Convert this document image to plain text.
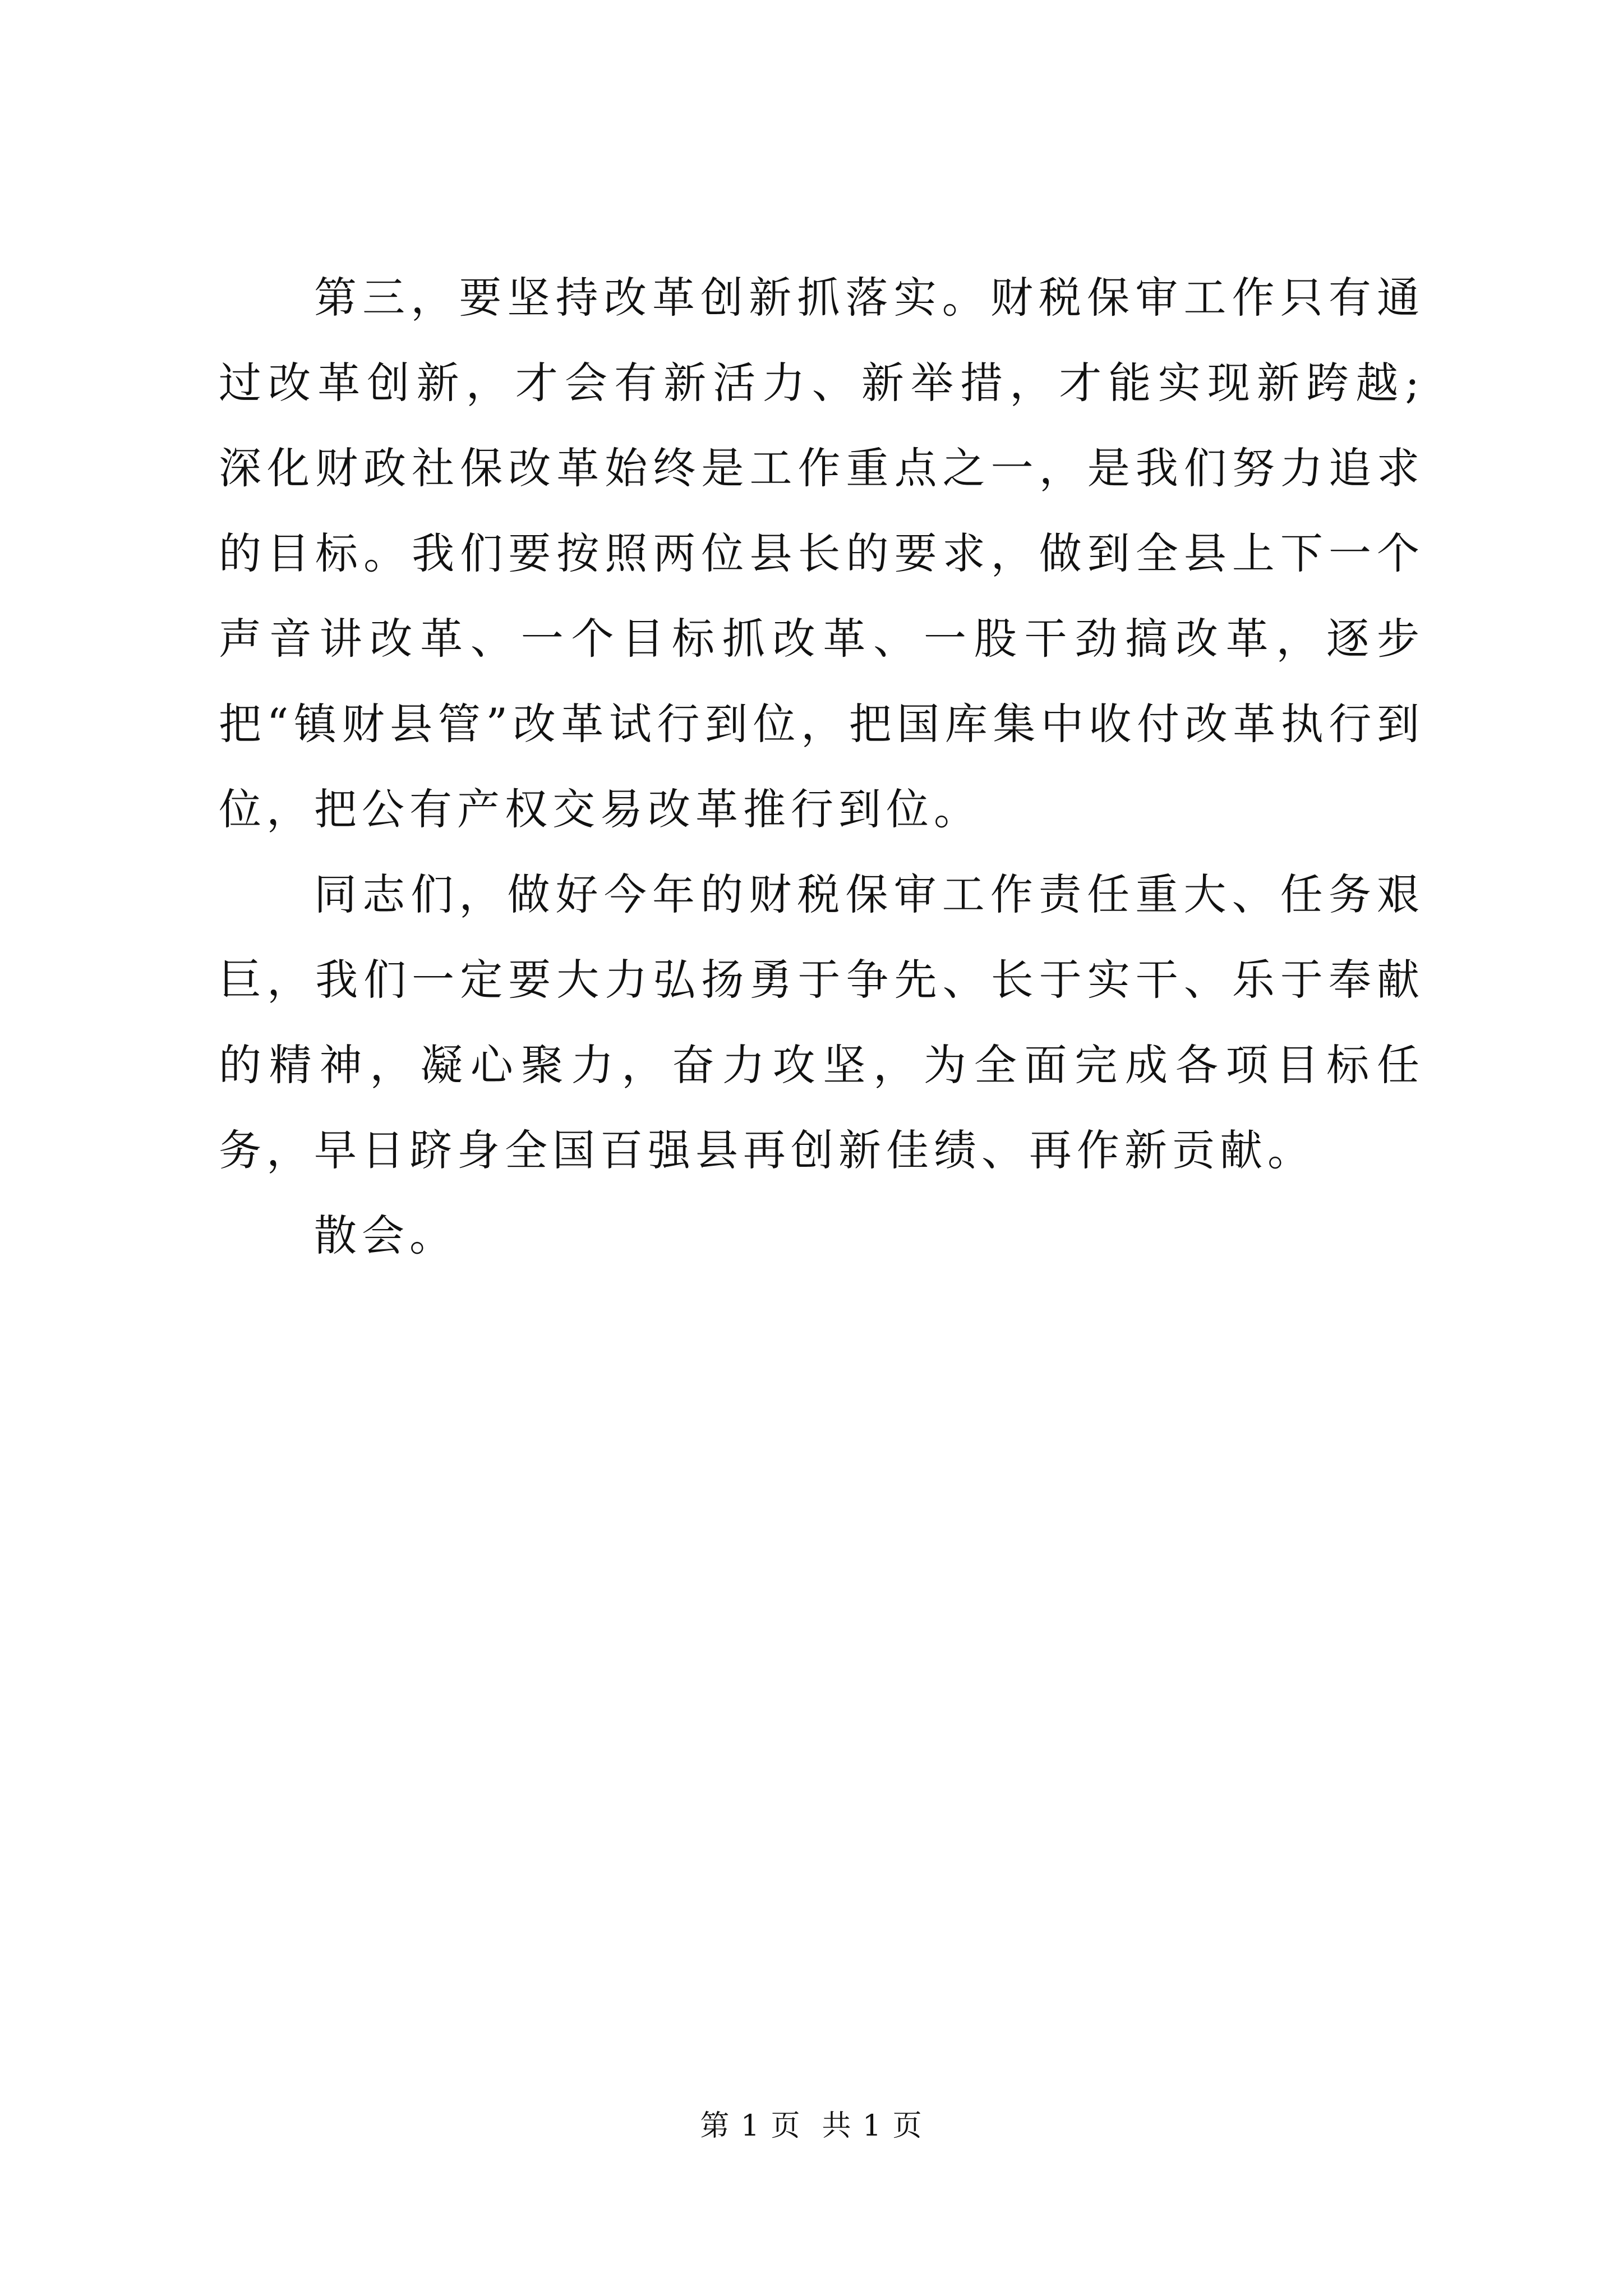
第三，要坚持改革创新抓落实。财税保审工作只有通过改革创新，才会有新活力、新举措，才能实现新跨越;深化财政社保改革始终是工作重点之一，是我们努力追求的目标。我们要按照两位县长的要求，做到全县上下一个声音讲改革、一个目标抓改革、一股干劲搞改革，逐步把“镇财县管”改革试行到位，把国库集中收付改革执行到位，把公有产权交易改革推行到位。

同志们，做好今年的财税保审工作责任重大、任务艰巨，我们一定要大力弘扬勇于争先、长于实干、乐于奉献的精神，凝心聚力，奋力攻坚，为全面完成各项目标任务，早日跻身全国百强县再创新佳绩、再作新贡献。

散会。

第 1 页  共 1 页
